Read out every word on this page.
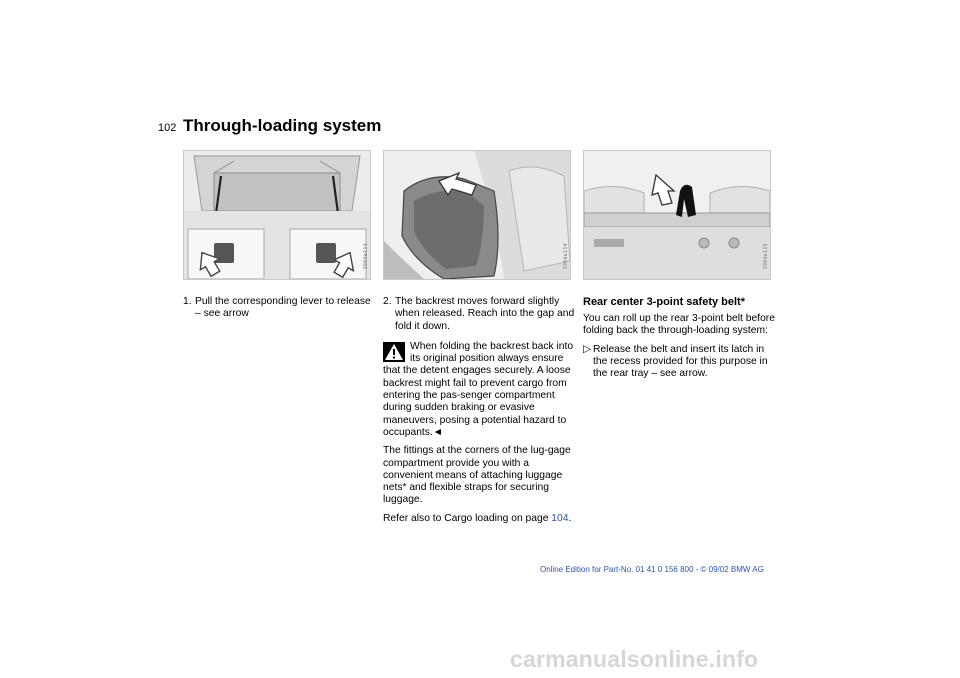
102 Through-loading system
390de113	390de114	390de115
1. Pull the corresponding lever to release – see arrow
2. The backrest moves forward slightly when released. Reach into the gap and fold it down.

When folding the backrest back into its original position always ensure that the detent engages securely. A loose backrest might fail to prevent cargo from entering the pas-senger compartment during sudden braking or evasive maneuvers, posing a potential hazard to occupants.◄

The fittings at the corners of the lug-gage compartment provide you with a convenient means of attaching luggage nets* and flexible straps for securing luggage.

Refer also to Cargo loading on page 104.

Rear center 3-point safety belt*

You can roll up the rear 3-point belt before folding back the through-loading system:

▷ Release the belt and insert its latch in the recess provided for this purpose in the rear tray – see arrow.
Online Edition for Part-No. 01 41 0 156 800 - © 09/02 BMW AG
carmanualsonline.info
